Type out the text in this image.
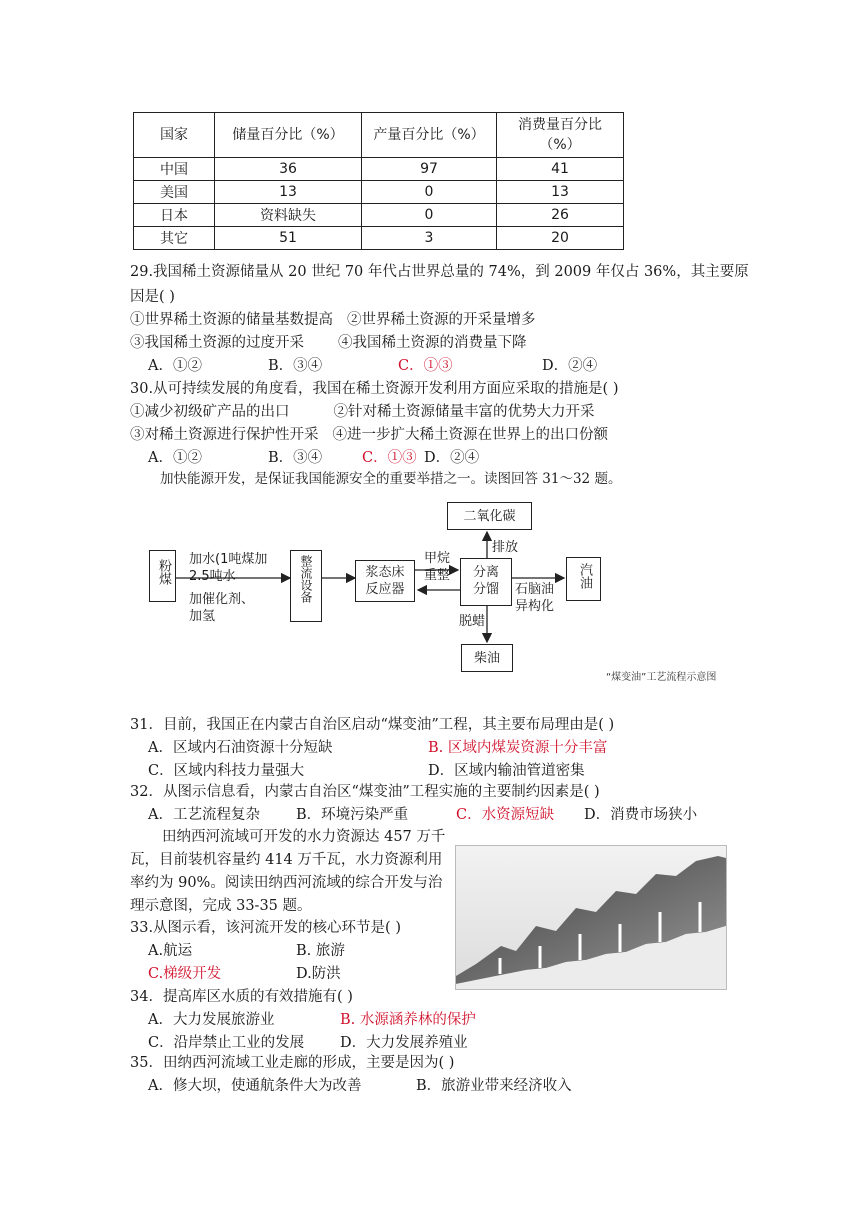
国家	储量百分比（%）	产量百分比（%）	消费量百分比（%）
中国	36	97	41
美国	13	0	13
日本	资料缺失	0	26
其它	51	3	20
29.我国稀土资源储量从 20 世纪 70 年代占世界总量的 74%，到 2009 年仅占 36%，其主要原
因是( )
①世界稀土资源的储量基数提高 ②世界稀土资源的开采量增多
③我国稀土资源的过度开采 ④我国稀土资源的消费量下降
A．①②	B．③④	C．①③	D．②④
30.从可持续发展的角度看，我国在稀土资源开发利用方面应采取的措施是( )
①减少初级矿产品的出口	②针对稀土资源储量丰富的优势大力开采
③对稀土资源进行保护性开采 ④进一步扩大稀土资源在世界上的出口份额
A．①②	B．③④	C．①③ D．②④
加快能源开发，是保证我国能源安全的重要举措之一。读图回答 31～32 题。
粉煤 加水(1吨煤加
2.5吨水
加催化剂、
加氢
整流设备	浆态床
反应器
甲烷
重整	分离
分馏
二氧化碳
排放
石脑油
异构化
汽油
脱蜡
柴油
“煤变油”工艺流程示意图
31．目前，我国正在内蒙古自治区启动“煤变油”工程，其主要布局理由是( )
A．区域内石油资源十分短缺	B. 区域内煤炭资源十分丰富
C．区域内科技力量强大	D．区域内输油管道密集
32．从图示信息看，内蒙古自治区“煤变油”工程实施的主要制约因素是( )
A．工艺流程复杂 B．环境污染严重	C．水资源短缺 D．消费市场狭小
田纳西河流域可开发的水力资源达 457 万千瓦，目前装机容量约 414 万千瓦，水力资源利用率约为 90%。阅读田纳西河流域的综合开发与治理示意图，完成 33-35 题。
33.从图示看，该河流开发的核心环节是( )
A.航运	B. 旅游
C.梯级开发	D.防洪
34．提高库区水质的有效措施有( )
A．大力发展旅游业	B. 水源涵养林的保护
C．沿岸禁止工业的发展 D．大力发展养殖业
35．田纳西河流域工业走廊的形成，主要是因为( )
A．修大坝，使通航条件大为改善	B．旅游业带来经济收入
